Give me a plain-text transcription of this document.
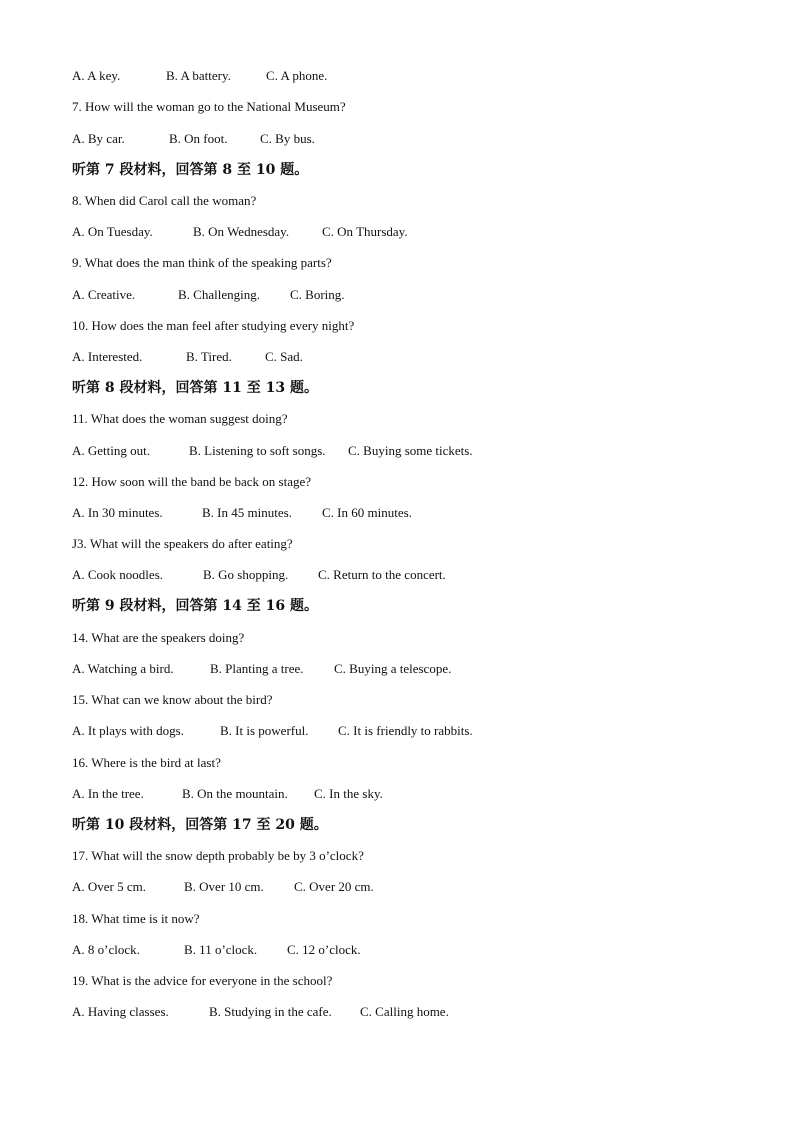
A. A key.	B. A battery.	C. A phone.
7. How will the woman go to the National Museum?
A. By car.	B. On foot.	C. By bus.
听第 7 段材料，回答第 8 至 10 题。
8. When did Carol call the woman?
A. On Tuesday.	B. On Wednesday.	C. On Thursday.
9. What does the man think of the speaking parts?
A. Creative.	B. Challenging. C. Boring.
10. How does the man feel after studying every night?
A. Interested.	B. Tired.	C. Sad.
听第 8 段材料，回答第 11 至 13 题。
11. What does the woman suggest doing?
A. Getting out.	B. Listening to soft songs. C. Buying some tickets.
12. How soon will the band be back on stage?
A. In 30 minutes.	B. In 45 minutes. C. In 60 minutes.
J3. What will the speakers do after eating?
A. Cook noodles.	B. Go shopping. C. Return to the concert.
听第 9 段材料，回答第 14 至 16 题。
14. What are the speakers doing?
A. Watching a bird.	B. Planting a tree. C. Buying a telescope.
15. What can we know about the bird?
A. It plays with dogs.	B. It is powerful. C. It is friendly to rabbits.
16. Where is the bird at last?
A. In the tree.	B. On the mountain. C. In the sky.
听第 10 段材料，回答第 17 至 20 题。
17. What will the snow depth probably be by 3 o’clock?
A. Over 5 cm.	B. Over 10 cm. C. Over 20 cm.
18. What time is it now?
A. 8 o’clock.	B. 11 o’clock. C. 12 o’clock.
19. What is the advice for everyone in the school?
A. Having classes.	B. Studying in the cafe. C. Calling home.
